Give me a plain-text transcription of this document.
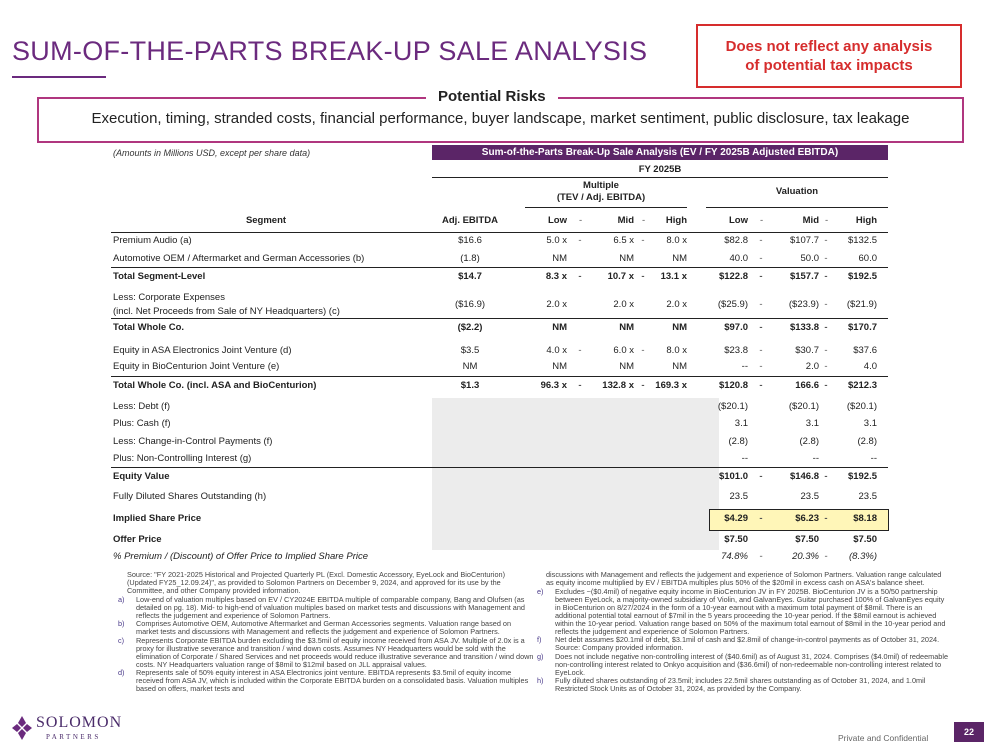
SUM-OF-THE-PARTS BREAK-UP SALE ANALYSIS	Does not reflect any analysis
of potential tax impacts
Potential Risks
Execution, timing, stranded costs, financial performance, buyer landscape, market sentiment, public disclosure, tax leakage
(Amounts in Millions USD, except per share data)	Sum-of-the-Parts Break-Up Sale Analysis (EV / FY 2025B Adjusted EBITDA)
FY 2025B
Multiple
(TEV / Adj. EBITDA)
Valuation
Segment	Adj. EBITDA	Low -	Mid -	High	Low -	Mid -	High
Premium Audio (a)	$16.6	5.0 x	-	6.5 x -	8.0 x	$82.8	-	$107.7 -	$132.5
Automotive OEM / Aftermarket and German Accessories (b)	(1.8)	NM	NM	NM	40.0	-	50.0 -	60.0
Total Segment-Level	$14.7	8.3 x	-	10.7 x -	13.1 x	$122.8	-	$157.7 -	$192.5
Less: Corporate Expenses
(incl. Net Proceeds from Sale of NY Headquarters) (c)
($16.9)	2.0 x	2.0 x	2.0 x	($25.9)	-	($23.9) -	($21.9)
Total Whole Co.	($2.2)	NM	NM	NM	$97.0	-	$133.8 -	$170.7
Equity in ASA Electronics Joint Venture (d)	$3.5	4.0 x	-	6.0 x -	8.0 x	$23.8	-	$30.7 -	$37.6
Equity in BioCenturion Joint Venture (e)	NM	NM	NM	NM	--	-	2.0 -	4.0
Total Whole Co. (incl. ASA and BioCenturion)	$1.3	96.3 x	-	132.8 x -	169.3 x	$120.8	-	166.6 -	$212.3
Less: Debt (f)	($20.1)	($20.1)	($20.1)
Plus: Cash (f)	3.1	3.1	3.1
Less: Change-in-Control Payments (f)	(2.8)	(2.8)	(2.8)
Plus: Non-Controlling Interest (g)	--	--	--
Equity Value	$101.0	-	$146.8 -	$192.5
Fully Diluted Shares Outstanding (h)	23.5	23.5	23.5
Implied Share Price	$4.29	-	$6.23 -	$8.18
Offer Price	$7.50	$7.50	$7.50
% Premium / (Discount) of Offer Price to Implied Share Price	74.8%	-	20.3% -	(8.3%)
Source: "FY 2021-2025 Historical and Projected Quarterly PL (Excl. Domestic Accessory, EyeLock and BioCenturion)(Updated FY25_12.09.24)", as provided to Solomon Partners on December 9, 2024, and approved for its use by the Committee, and other Company provided information.
a) Low-end of valuation multiples based on EV / CY2024E EBITDA multiple of comparable company, Bang and Olufsen (as detailed on pg. 18). Mid- to high-end of valuation multiples based on market tests and discussions with Management and reflects the judgement and experience of Solomon Partners.
b) Comprises Automotive OEM, Automotive Aftermarket and German Accessories segments. Valuation range based on market tests and discussions with Management and reflects the judgement and experience of Solomon Partners.
c) Represents Corporate EBITDA burden excluding the $3.5mil of equity income received from ASA JV. Multiple of 2.0x is a proxy for illustrative severance and transition / wind down costs. Assumes NY Headquarters would be sold with the elimination of Corporate / Shared Services and net proceeds would reduce illustrative severance and transition / wind down costs. NY Headquarters valuation range of $8mil to $12mil based on JLL appraisal values.
d) Represents sale of 50% equity interest in ASA Electronics joint venture. EBITDA represents $3.5mil of equity income received from ASA JV, which is included within the Corporate EBITDA burden on a consolidated basis. Valuation multiples based on offers, market tests and
discussions with Management and reflects the judgement and experience of Solomon Partners. Valuation range calculated as equity income multiplied by EV / EBITDA multiples plus 50% of the $20mil in excess cash on ASA's balance sheet.
e) Excludes ~($0.4mil) of negative equity income in BioCenturion JV in FY 2025B. BioCenturion JV is a 50/50 partnership between EyeLock, a majority-owned subsidiary of Violin, and GalvanEyes. Guitar purchased 100% of GalvanEyes equity in BioCenturion on 8/27/2024 in the form of a 10-year earnout with a maximum total payment of $8mil. There is an additional potential total earnout of $7mil in the 5 years proceeding the 10-year period. If the $8mil earnout is achieved within the 10-year period. Valuation range based on 50% of the maximum total earnout of $8mil in the 10-year period and reflects the judgement and experience of Solomon Partners.
f) Net debt assumes $20.1mil of debt, $3.1mil of cash and $2.8mil of change-in-control payments as of October 31, 2024. Source: Company provided information.
g) Does not include negative non-controlling interest of ($40.6mil) as of August 31, 2024. Comprises ($4.0mil) of redeemable non-controlling interest related to Onkyo acquisition and ($36.6mil) of non-redeemable non-controlling interest related to EyeLock.
h) Fully diluted shares outstanding of 23.5mil; includes 22.5mil shares outstanding as of October 31, 2024, and 1.0mil Restricted Stock Units as of October 31, 2024, as provided by the Company.
SOLOMON
PARTNERS	Private and Confidential
22
